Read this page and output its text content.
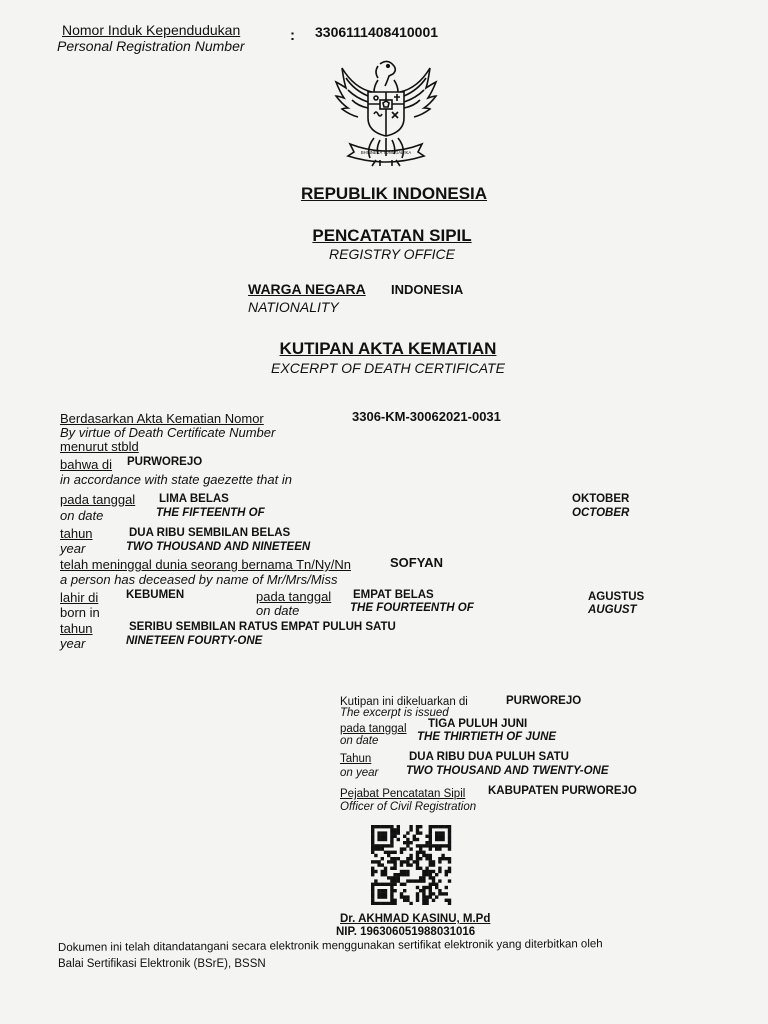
Nomor Induk Kependudukan
Personal Registration Number
: 3306111408410001
BHINNEKA TUNGGAL IKA
REPUBLIK INDONESIA
PENCATATAN SIPIL
REGISTRY OFFICE
WARGA NEGARA INDONESIA
NATIONALITY
KUTIPAN AKTA KEMATIAN
EXCERPT OF DEATH CERTIFICATE
Berdasarkan Akta Kematian Nomor
By virtue of Death Certificate Number
3306-KM-30062021-0031
menurut stbld
bahwa di PURWOREJO
in accordance with state gaezette that in
pada tanggal
on date
LIMA BELAS
THE FIFTEENTH OF
OKTOBER
OCTOBER
tahun
year
DUA RIBU SEMBILAN BELAS
TWO THOUSAND AND NINETEEN
telah meninggal dunia seorang bernama Tn/Ny/Nn
a person has deceased by name of Mr/Mrs/Miss
SOFYAN
lahir di
born in
KEBUMEN	pada tanggal
on date
EMPAT BELAS
THE FOURTEENTH OF
AGUSTUS
AUGUST
tahun
year
SERIBU SEMBILAN RATUS EMPAT PULUH SATU
NINETEEN FOURTY-ONE
Kutipan ini dikeluarkan di
The excerpt is issued
PURWOREJO
pada tanggal
on date
TIGA PULUH JUNI
THE THIRTIETH OF JUNE
Tahun
on year
DUA RIBU DUA PULUH SATU
TWO THOUSAND AND TWENTY-ONE
Pejabat Pencatatan Sipil
Officer of Civil Registration
KABUPATEN PURWOREJO
Dr. AKHMAD KASINU, M.Pd
NIP. 196306051988031016
Dokumen ini telah ditandatangani secara elektronik menggunakan sertifikat elektronik yang diterbitkan oleh
Balai Sertifikasi Elektronik (BSrE), BSSN
